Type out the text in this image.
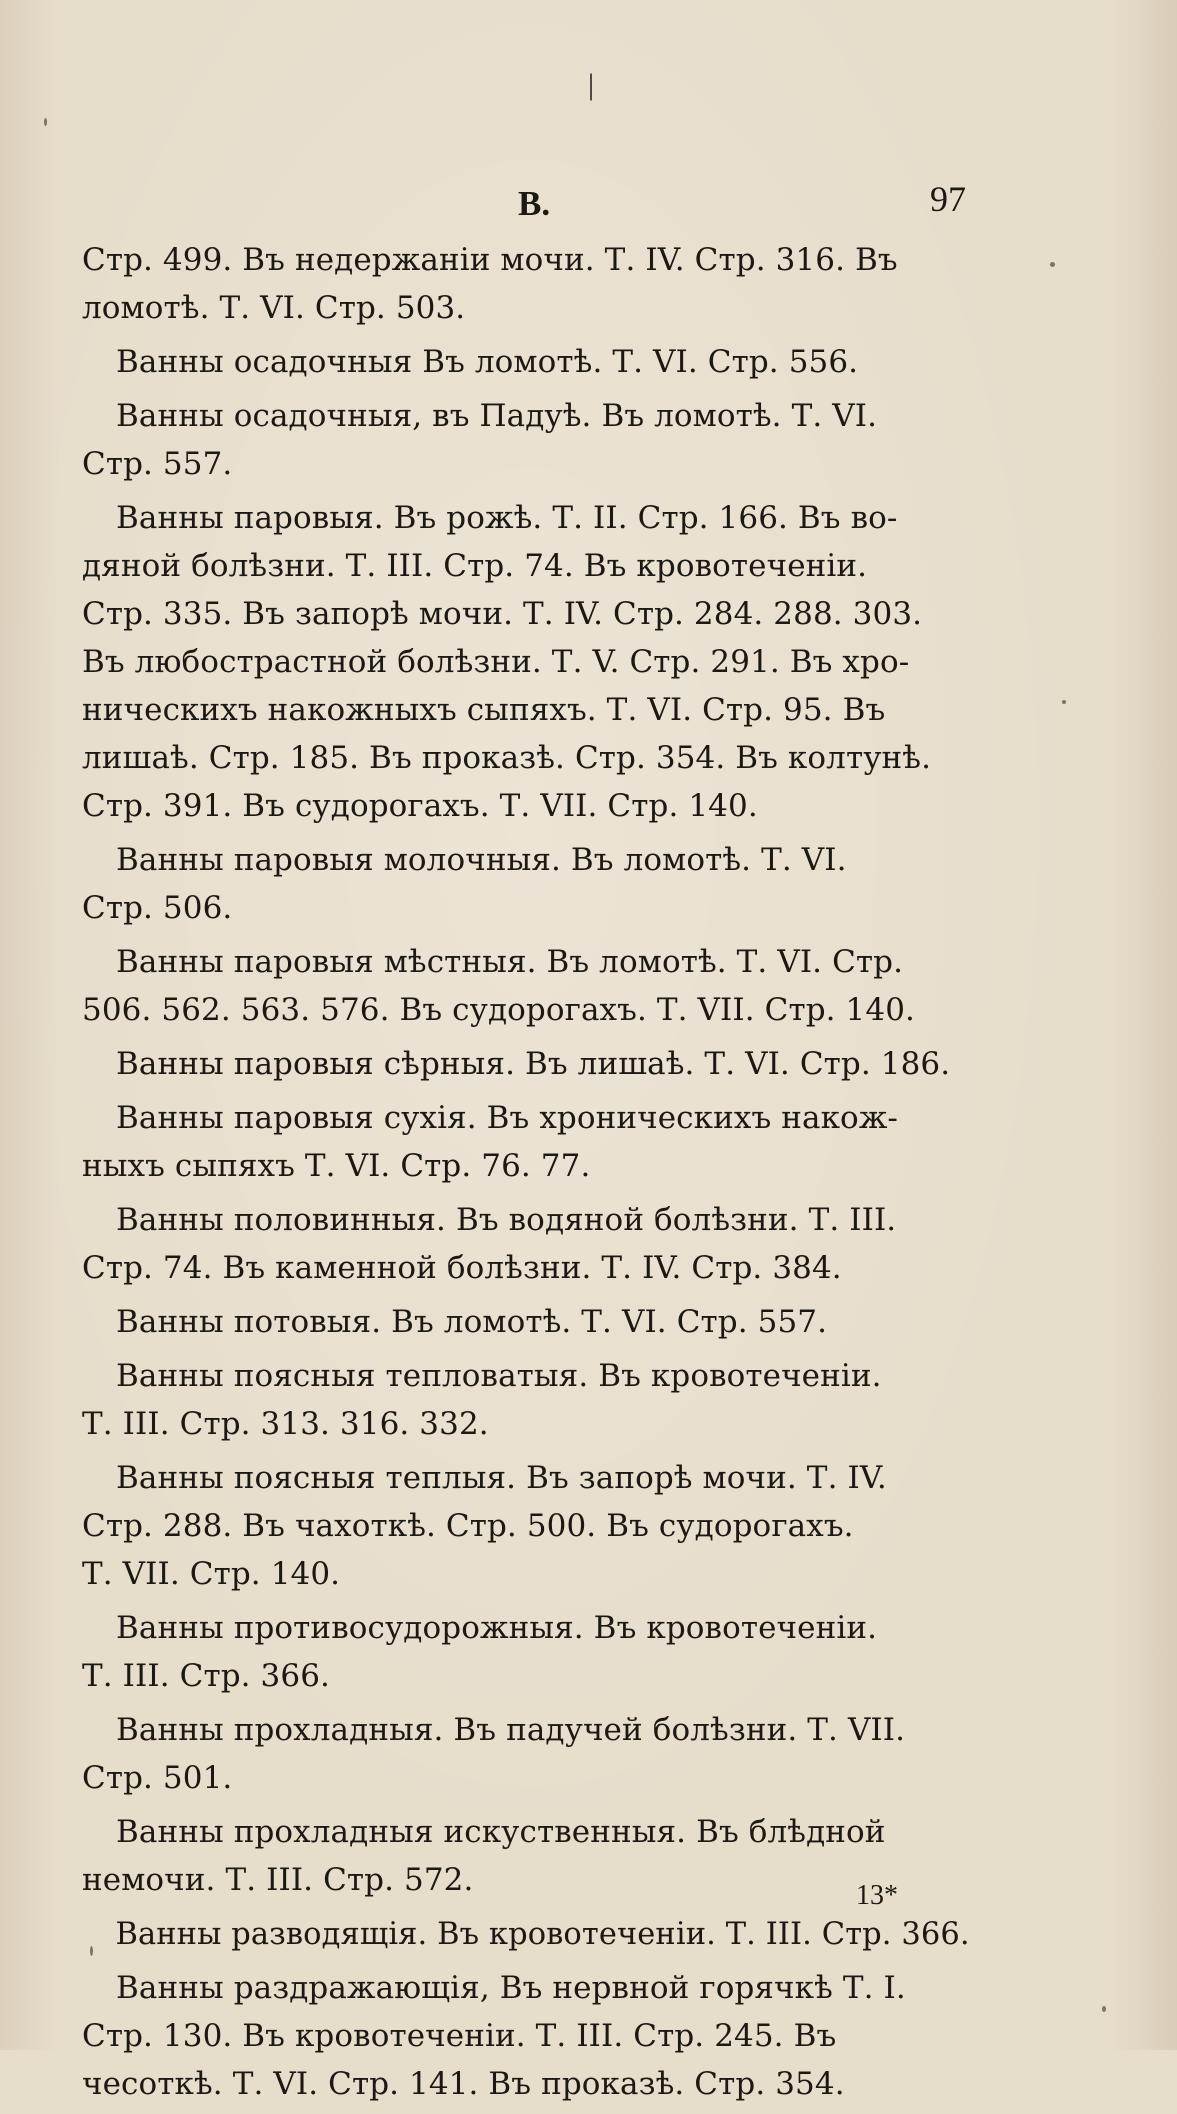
|
В.	97
Стр. 499. Въ недержаніи мочи. Т. IV. Стр. 316. Въ
ломотѣ. Т. VI. Стр. 503.
Ванны осадочныя Въ ломотѣ. Т. VI. Стр. 556.
Ванны осадочныя, въ Падуѣ. Въ ломотѣ. Т. VI.
Стр. 557.
Ванны паровыя. Въ рожѣ. Т. II. Стр. 166. Въ во-
дяной болѣзни. Т. III. Стр. 74. Въ кровотеченіи.
Стр. 335. Въ запорѣ мочи. Т. IV. Стр. 284. 288. 303.
Въ любострастной болѣзни. Т. V. Стр. 291. Въ хро-
ническихъ накожныхъ сыпяхъ. Т. VI. Стр. 95. Въ
лишаѣ. Стр. 185. Въ проказѣ. Стр. 354. Въ колтунѣ.
Стр. 391. Въ судорогахъ. Т. VII. Стр. 140.
Ванны паровыя молочныя. Въ ломотѣ. Т. VI.
Стр. 506.
Ванны паровыя мѣстныя. Въ ломотѣ. Т. VI. Стр.
506. 562. 563. 576. Въ судорогахъ. Т. VII. Стр. 140.
Ванны паровыя сѣрныя. Въ лишаѣ. Т. VI. Стр. 186.
Ванны паровыя сухія. Въ хроническихъ накож-
ныхъ сыпяхъ Т. VI. Стр. 76. 77.
Ванны половинныя. Въ водяной болѣзни. Т. III.
Стр. 74. Въ каменной болѣзни. Т. IV. Стр. 384.
Ванны потовыя. Въ ломотѣ. Т. VI. Стр. 557.
Ванны поясныя тепловатыя. Въ кровотеченіи.
Т. III. Стр. 313. 316. 332.
Ванны поясныя теплыя. Въ запорѣ мочи. Т. IV.
Стр. 288. Въ чахоткѣ. Стр. 500. Въ судорогахъ.
Т. VII. Стр. 140.
Ванны противосудорожныя. Въ кровотеченіи.
Т. III. Стр. 366.
Ванны прохладныя. Въ падучей болѣзни. Т. VII.
Стр. 501.
Ванны прохладныя искуственныя. Въ блѣдной
немочи. Т. III. Стр. 572.
Ванны разводящія. Въ кровотеченіи. Т. III. Стр. 366.
Ванны раздражающія, Въ нервной горячкѣ Т. I.
Стр. 130. Въ кровотеченіи. Т. III. Стр. 245. Въ
чесоткѣ. Т. VI. Стр. 141. Въ проказѣ. Стр. 354.
13*
